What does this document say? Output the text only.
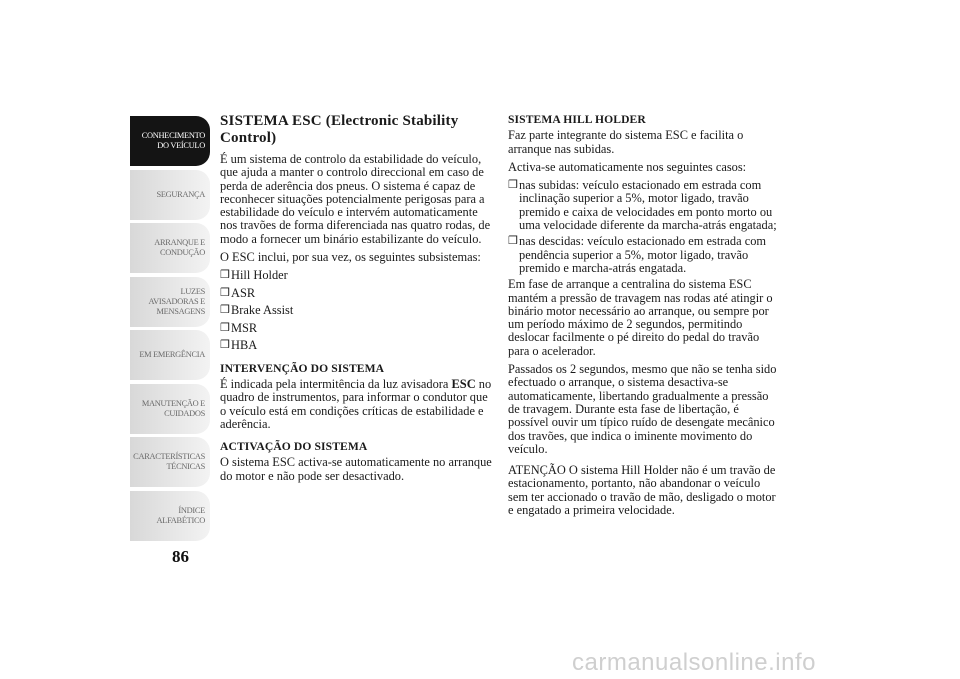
CONHECIMENTO
DO VEÍCULO
SEGURANÇA
ARRANQUE E
CONDUÇÃO
LUZES
AVISADORAS E
MENSAGENS
EM EMERGÊNCIA
MANUTENÇÃO E
CUIDADOS
CARACTERÍSTICAS
TÉCNICAS
ÍNDICE
ALFABÉTICO
86
SISTEMA ESC (Electronic Stability Control)

É um sistema de controlo da estabilidade do veículo, que ajuda a manter o controlo direccional em caso de perda de aderência dos pneus. O sistema é capaz de reconhecer situações potencialmente perigosas para a estabilidade do veículo e intervém automaticamente nos travões de forma diferenciada nas quatro rodas, de modo a fornecer um binário estabilizante do veículo.

O ESC inclui, por sua vez, os seguintes subsistemas:

❒ Hill Holder
❒ ASR
❒ Brake Assist
❒ MSR
❒ HBA
INTERVENÇÃO DO SISTEMA

É indicada pela intermitência da luz avisadora ESC no quadro de instrumentos, para informar o condutor que o veículo está em condições críticas de estabilidade e aderência.

ACTIVAÇÃO DO SISTEMA

O sistema ESC activa-se automaticamente no arranque do motor e não pode ser desactivado.

SISTEMA HILL HOLDER

Faz parte integrante do sistema ESC e facilita o arranque nas subidas.

Activa-se automaticamente nos seguintes casos:

❒ nas subidas: veículo estacionado em estrada com inclinação superior a 5%, motor ligado, travão premido e caixa de velocidades em ponto morto ou uma velocidade diferente da marcha-atrás engatada;
❒ nas descidas: veículo estacionado em estrada com pendência superior a 5%, motor ligado, travão premido e marcha-atrás engatada.

Em fase de arranque a centralina do sistema ESC mantém a pressão de travagem nas rodas até atingir o binário motor necessário ao arranque, ou sempre por um período máximo de 2 segundos, permitindo deslocar facilmente o pé direito do pedal do travão para o acelerador.

Passados os 2 segundos, mesmo que não se tenha sido efectuado o arranque, o sistema desactiva-se automaticamente, libertando gradualmente a pressão de travagem. Durante esta fase de libertação, é possível ouvir um típico ruído de desengate mecânico dos travões, que indica o iminente movimento do veículo.

ATENÇÃO O sistema Hill Holder não é um travão de estacionamento, portanto, não abandonar o veículo sem ter accionado o travão de mão, desligado o motor e engatado a primeira velocidade.

carmanualsonline.info
